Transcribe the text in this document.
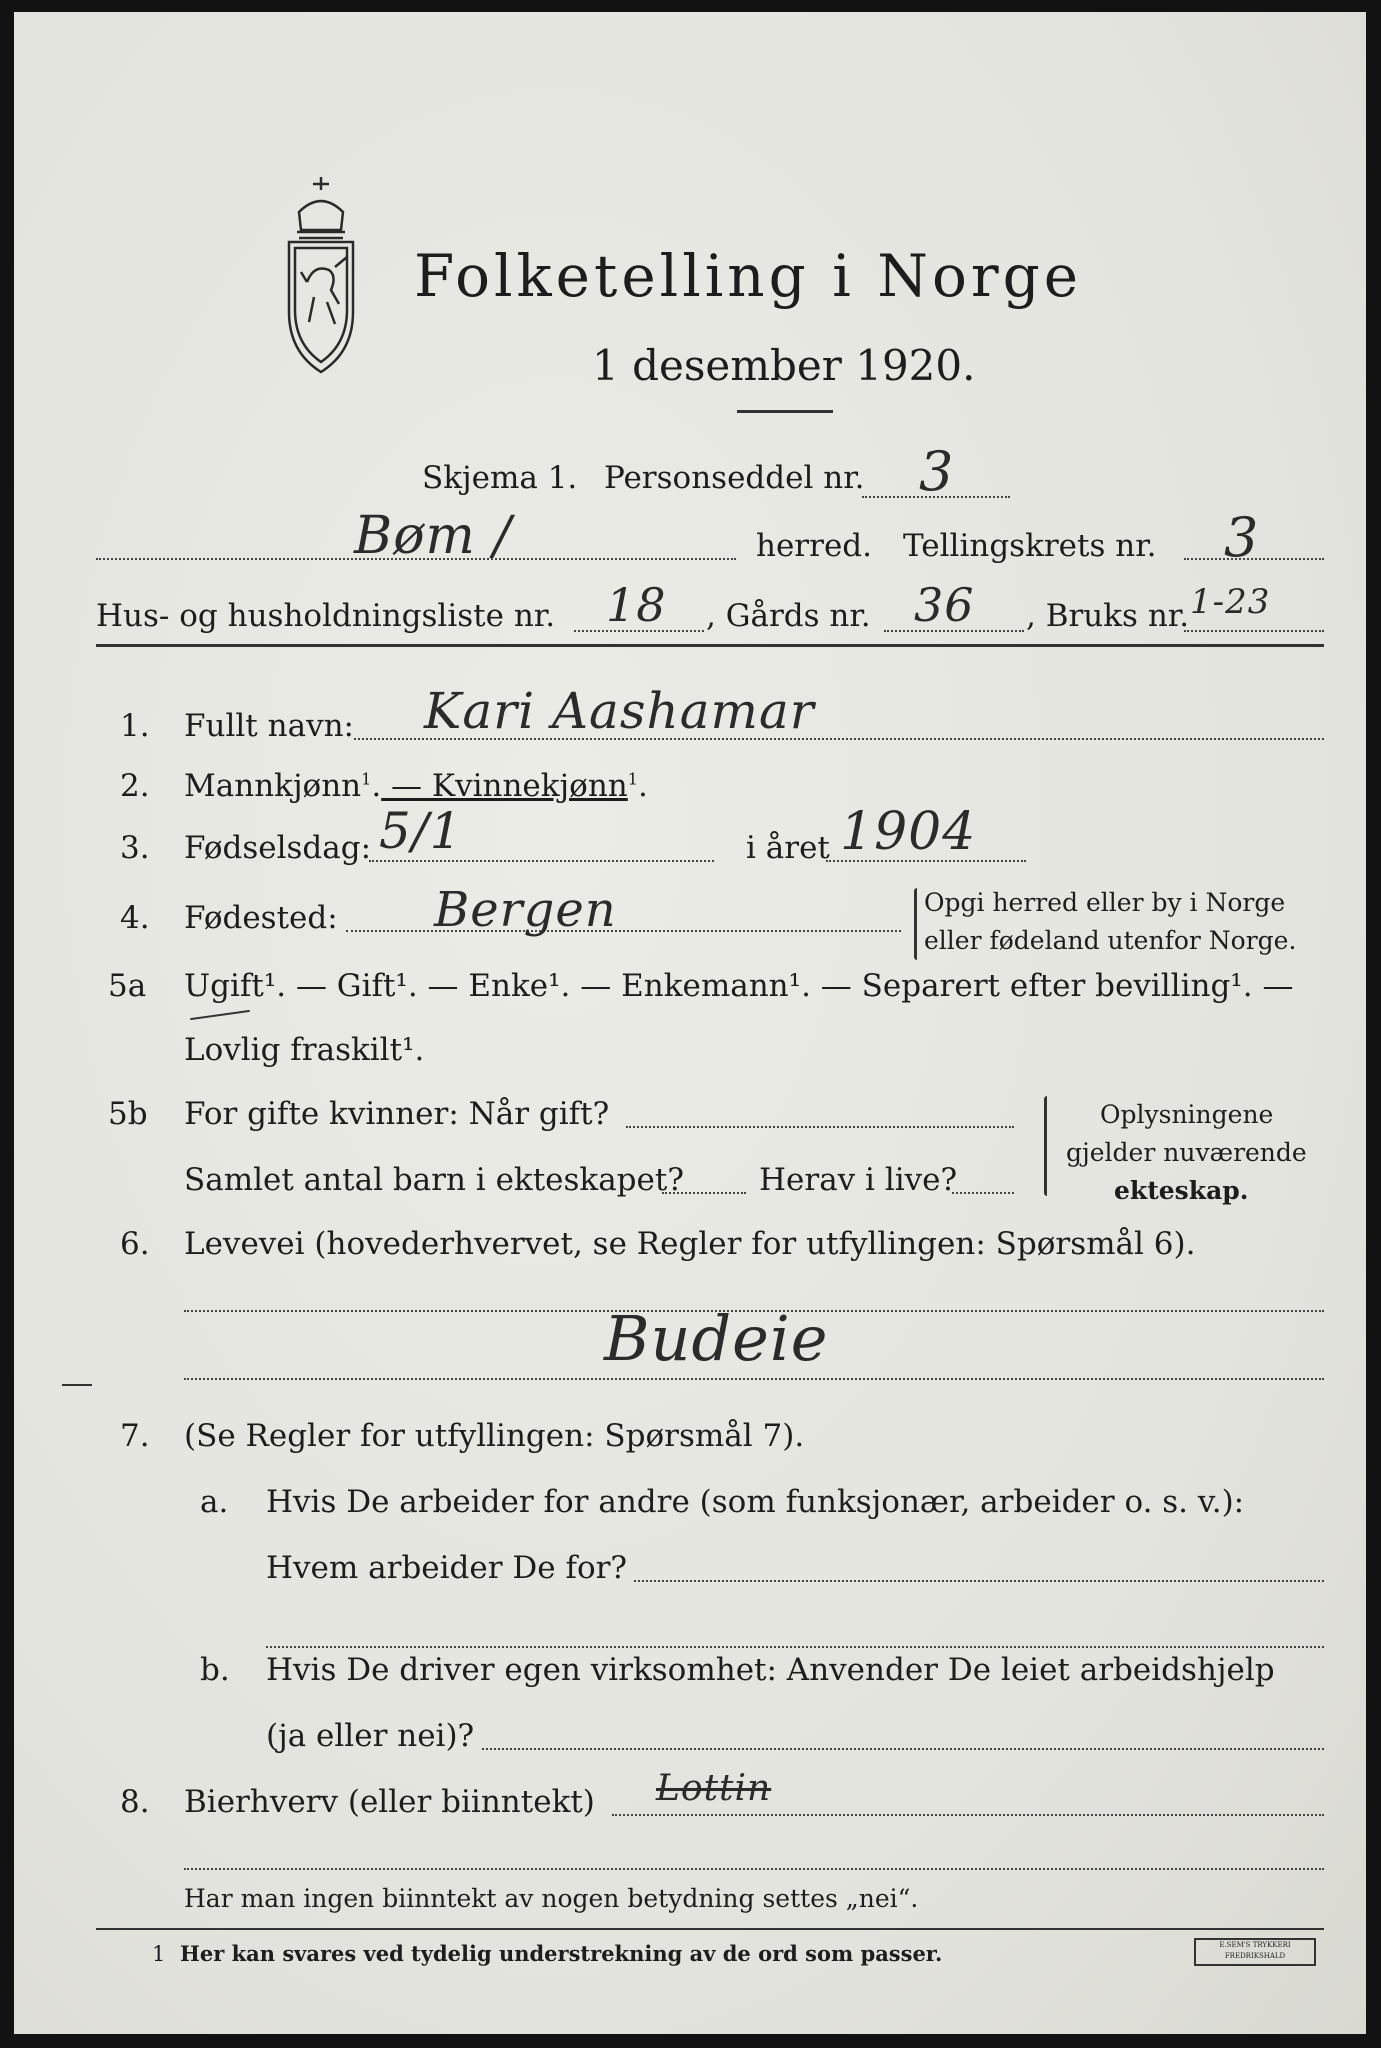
Folketelling i Norge
1 desember 1920.
Skjema 1. Personseddel nr. 3
Bøm /	herred. Tellingskrets nr. 3
Hus- og husholdningsliste nr. 18 , Gårds nr. 36 , Bruks nr. 1-23
1. Fullt navn: Kari Aashamar
2. Mannkjønn$^1$. — Kvinnekjønn$^1$.
3. Fødselsdag: 5/1	i året 1904
4. Fødested: Bergen	Opgi herred eller by i Norge
eller fødeland utenfor Norge.
5a Ugift¹. — Gift¹. — Enke¹. — Enkemann¹. — Separert efter bevilling¹. —
Lovlig fraskilt¹.
5b For gifte kvinner: Når gift?
Samlet antal barn i ekteskapet? Herav i live?
Oplysningene
gjelder nuværende
ekteskap.
6. Levevei (hovederhvervet, se Regler for utfyllingen: Spørsmål 6).
Budeie
7. (Se Regler for utfyllingen: Spørsmål 7).
a. Hvis De arbeider for andre (som funksjonær, arbeider o. s. v.):
Hvem arbeider De for?
b. Hvis De driver egen virksomhet: Anvender De leiet arbeidshjelp
(ja eller nei)?
8. Bierhverv (eller biinntekt) Lottin
Har man ingen biinntekt av nogen betydning settes „nei“.
1 Her kan svares ved tydelig understrekning av de ord som passer.	E.SEM'S TRYKKERI FREDRIKSHALD
